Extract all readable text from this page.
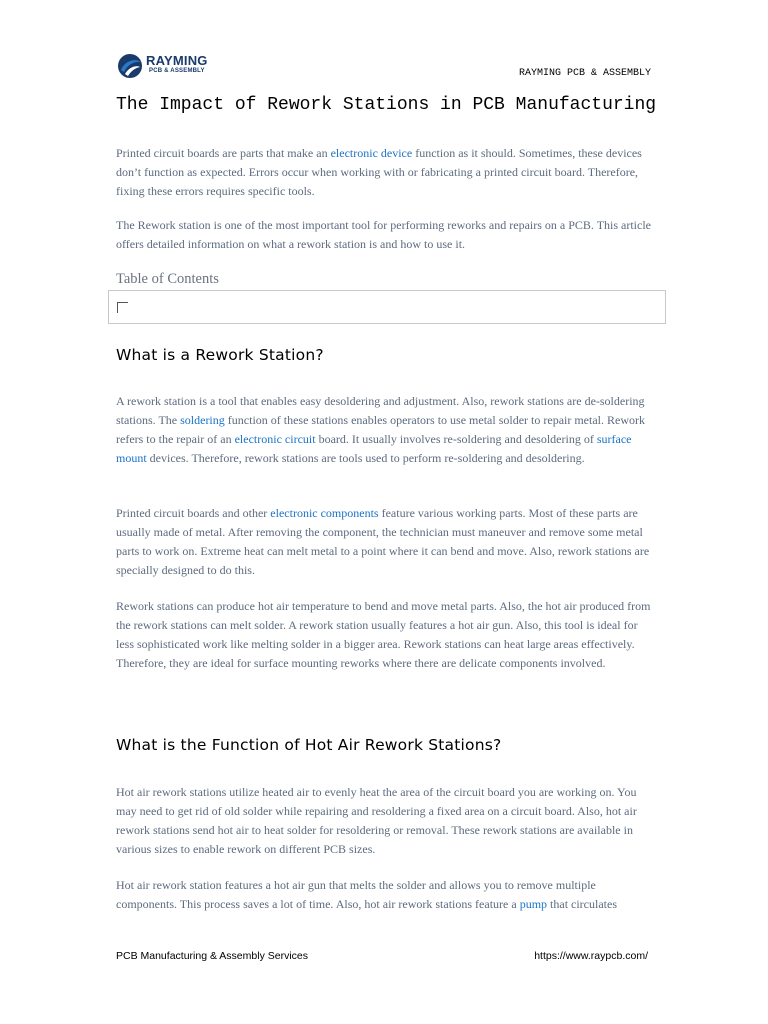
RAYMING
PCB & ASSEMBLY	RAYMING PCB & ASSEMBLY
The Impact of Rework Stations in PCB Manufacturing

Printed circuit boards are parts that make an electronic device function as it should. Sometimes, these devices don’t function as expected. Errors occur when working with or fabricating a printed circuit board. Therefore, fixing these errors requires specific tools.

The Rework station is one of the most important tool for performing reworks and repairs on a PCB. This article offers detailed information on what a rework station is and how to use it.

Table of Contents
What is a Rework Station?

A rework station is a tool that enables easy desoldering and adjustment. Also, rework stations are de-soldering stations. The soldering function of these stations enables operators to use metal solder to repair metal. Rework refers to the repair of an electronic circuit board. It usually involves re-soldering and desoldering of surface mount devices. Therefore, rework stations are tools used to perform re-soldering and desoldering.

Printed circuit boards and other electronic components feature various working parts. Most of these parts are usually made of metal. After removing the component, the technician must maneuver and remove some metal parts to work on. Extreme heat can melt metal to a point where it can bend and move. Also, rework stations are specially designed to do this.

Rework stations can produce hot air temperature to bend and move metal parts. Also, the hot air produced from the rework stations can melt solder. A rework station usually features a hot air gun. Also, this tool is ideal for less sophisticated work like melting solder in a bigger area. Rework stations can heat large areas effectively. Therefore, they are ideal for surface mounting reworks where there are delicate components involved.

What is the Function of Hot Air Rework Stations?

Hot air rework stations utilize heated air to evenly heat the area of the circuit board you are working on. You may need to get rid of old solder while repairing and resoldering a fixed area on a circuit board. Also, hot air rework stations send hot air to heat solder for resoldering or removal. These rework stations are available in various sizes to enable rework on different PCB sizes.

Hot air rework station features a hot air gun that melts the solder and allows you to remove multiple components. This process saves a lot of time. Also, hot air rework stations feature a pump that circulates

PCB Manufacturing & Assembly Services	https://www.raypcb.com/
